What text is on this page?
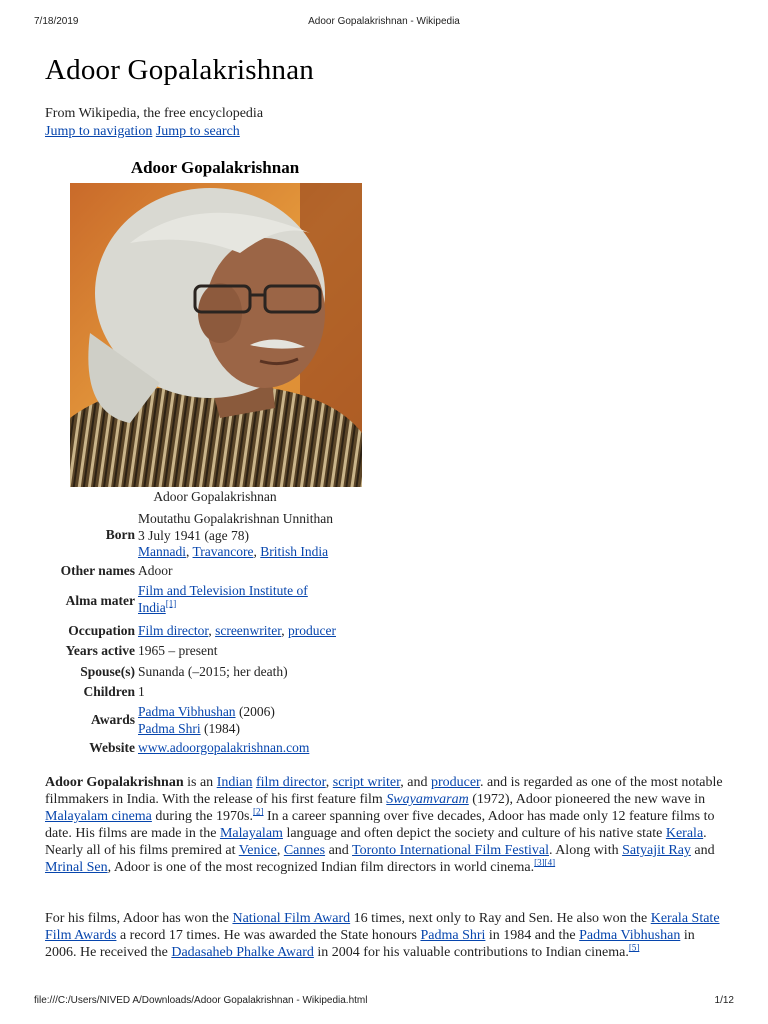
7/18/2019	Adoor Gopalakrishnan - Wikipedia
Adoor Gopalakrishnan
From Wikipedia, the free encyclopedia
Jump to navigation Jump to search
Adoor Gopalakrishnan
Adoor Gopalakrishnan
Born
Moutathu Gopalakrishnan Unnithan
3 July 1941 (age 78)
Mannadi, Travancore, British India
Other names Adoor
Alma mater
Film and Television Institute of
India[1]
Occupation Film director, screenwriter, producer
Years active 1965 – present
Spouse(s) Sunanda (–2015; her death)
Children 1
Awards
Padma Vibhushan (2006)
Padma Shri (1984)
Website www.adoorgopalakrishnan.com

Adoor Gopalakrishnan is an Indian film director, script writer, and producer. and is regarded as one of the most notable filmmakers in India. With the release of his first feature film Swayamvaram (1972), Adoor pioneered the new wave in Malayalam cinema during the 1970s.[2] In a career spanning over five decades, Adoor has made only 12 feature films to date. His films are made in the Malayalam language and often depict the society and culture of his native state Kerala. Nearly all of his films premired at Venice, Cannes and Toronto International Film Festival. Along with Satyajit Ray and Mrinal Sen, Adoor is one of the most recognized Indian film directors in world cinema.[3][4]

For his films, Adoor has won the National Film Award 16 times, next only to Ray and Sen. He also won the Kerala State Film Awards a record 17 times. He was awarded the State honours Padma Shri in 1984 and the Padma Vibhushan in 2006. He received the Dadasaheb Phalke Award in 2004 for his valuable contributions to Indian cinema.[5]

file:///C:/Users/NIVED A/Downloads/Adoor Gopalakrishnan - Wikipedia.html	1/12
